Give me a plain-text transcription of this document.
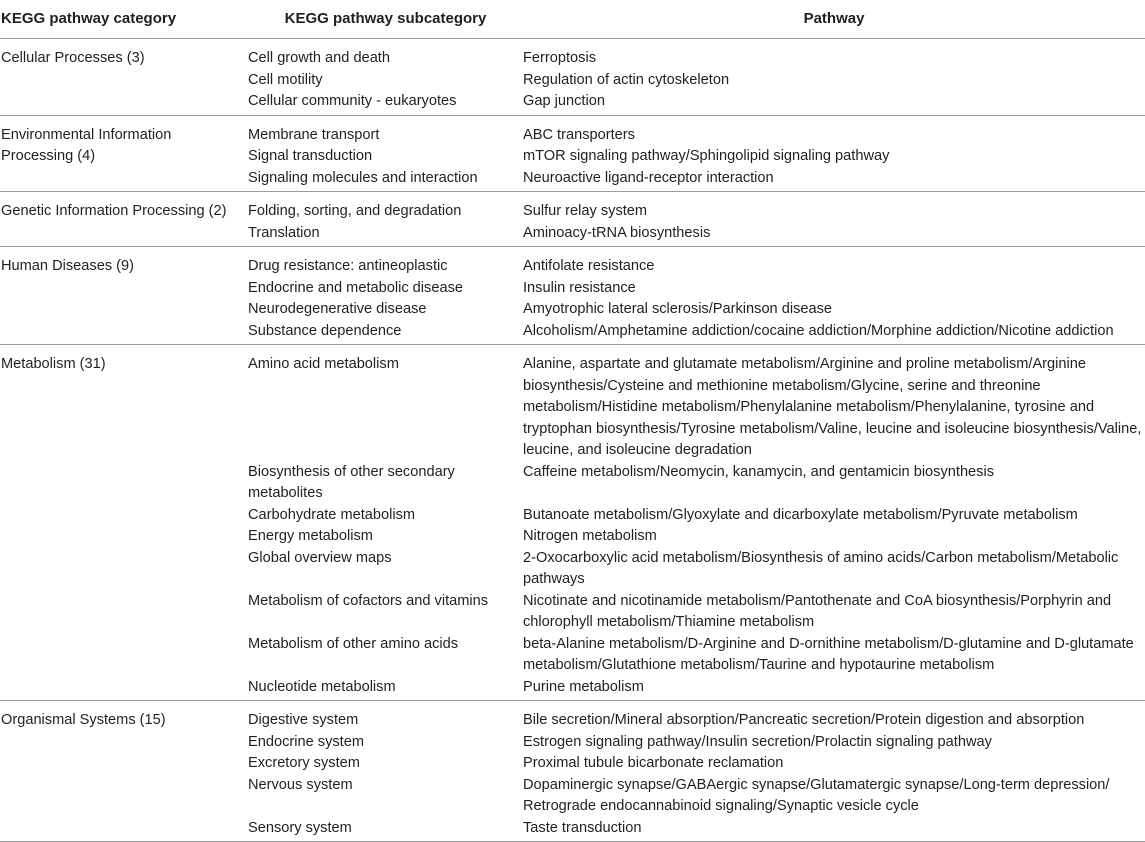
KEGG pathway category	KEGG pathway subcategory	Pathway
Cellular Processes (3)	Cell growth and death	Ferroptosis
	Cell motility	Regulation of actin cytoskeleton
	Cellular community - eukaryotes	Gap junction
Environmental Information Processing (4)	Membrane transport	ABC transporters
	Signal transduction	mTOR signaling pathway/Sphingolipid signaling pathway
	Signaling molecules and interaction	Neuroactive ligand-receptor interaction
Genetic Information Processing (2)	Folding, sorting, and degradation	Sulfur relay system
	Translation	Aminoacy-tRNA biosynthesis
Human Diseases (9)	Drug resistance: antineoplastic	Antifolate resistance
	Endocrine and metabolic disease	Insulin resistance
	Neurodegenerative disease	Amyotrophic lateral sclerosis/Parkinson disease
	Substance dependence	Alcoholism/Amphetamine addiction/cocaine addiction/Morphine addiction/Nicotine addiction
Metabolism (31)	Amino acid metabolism	Alanine, aspartate and glutamate metabolism/Arginine and proline metabolism/Arginine biosynthesis/Cysteine and methionine metabolism/Glycine, serine and threonine metabolism/Histidine metabolism/Phenylalanine metabolism/Phenylalanine, tyrosine and tryptophan biosynthesis/Tyrosine metabolism/Valine, leucine and isoleucine biosynthesis/Valine, leucine, and isoleucine degradation
	Biosynthesis of other secondary metabolites	Caffeine metabolism/Neomycin, kanamycin, and gentamicin biosynthesis
	Carbohydrate metabolism	Butanoate metabolism/Glyoxylate and dicarboxylate metabolism/Pyruvate metabolism
	Energy metabolism	Nitrogen metabolism
	Global overview maps	2-Oxocarboxylic acid metabolism/Biosynthesis of amino acids/Carbon metabolism/Metabolic pathways
	Metabolism of cofactors and vitamins	Nicotinate and nicotinamide metabolism/Pantothenate and CoA biosynthesis/Porphyrin and chlorophyll metabolism/Thiamine metabolism
	Metabolism of other amino acids	beta-Alanine metabolism/D-Arginine and D-ornithine metabolism/D-glutamine and D-glutamate metabolism/Glutathione metabolism/Taurine and hypotaurine metabolism
	Nucleotide metabolism	Purine metabolism
Organismal Systems (15)	Digestive system	Bile secretion/Mineral absorption/Pancreatic secretion/Protein digestion and absorption
	Endocrine system	Estrogen signaling pathway/Insulin secretion/Prolactin signaling pathway
	Excretory system	Proximal tubule bicarbonate reclamation
	Nervous system	Dopaminergic synapse/GABAergic synapse/Glutamatergic synapse/Long-term depression/ Retrograde endocannabinoid signaling/Synaptic vesicle cycle
	Sensory system	Taste transduction
